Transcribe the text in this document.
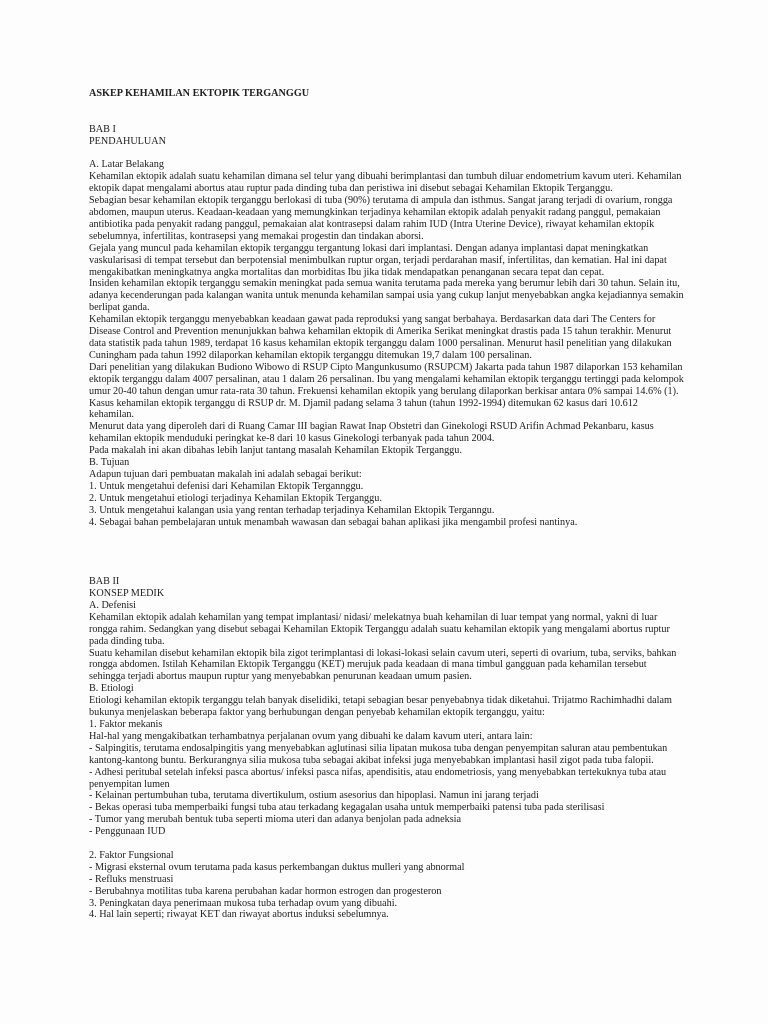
ASKEP KEHAMILAN EKTOPIK TERGANGGU

BAB I

PENDAHULUAN

A. Latar Belakang

Kehamilan ektopik adalah suatu kehamilan dimana sel telur yang dibuahi berimplantasi dan tumbuh diluar endometrium kavum uteri. Kehamilan ektopik dapat mengalami abortus atau ruptur pada dinding tuba dan peristiwa ini disebut sebagai Kehamilan Ektopik Terganggu.

Sebagian besar kehamilan ektopik terganggu berlokasi di tuba (90%) terutama di ampula dan isthmus. Sangat jarang terjadi di ovarium, rongga abdomen, maupun uterus. Keadaan-keadaan yang memungkinkan terjadinya kehamilan ektopik adalah penyakit radang panggul, pemakaian antibiotika pada penyakit radang panggul, pemakaian alat kontrasepsi dalam rahim IUD (Intra Uterine Device), riwayat kehamilan ektopik sebelumnya, infertilitas, kontrasepsi yang memakai progestin dan tindakan aborsi.

Gejala yang muncul pada kehamilan ektopik terganggu tergantung lokasi dari implantasi. Dengan adanya implantasi dapat meningkatkan vaskularisasi di tempat tersebut dan berpotensial menimbulkan ruptur organ, terjadi perdarahan masif, infertilitas, dan kematian. Hal ini dapat mengakibatkan meningkatnya angka mortalitas dan morbiditas Ibu jika tidak mendapatkan penanganan secara tepat dan cepat.

Insiden kehamilan ektopik terganggu semakin meningkat pada semua wanita terutama pada mereka yang berumur lebih dari 30 tahun. Selain itu, adanya kecenderungan pada kalangan wanita untuk menunda kehamilan sampai usia yang cukup lanjut menyebabkan angka kejadiannya semakin berlipat ganda.

Kehamilan ektopik terganggu menyebabkan keadaan gawat pada reproduksi yang sangat berbahaya. Berdasarkan data dari The Centers for Disease Control and Prevention menunjukkan bahwa kehamilan ektopik di Amerika Serikat meningkat drastis pada 15 tahun terakhir. Menurut data statistik pada tahun 1989, terdapat 16 kasus kehamilan ektopik terganggu dalam 1000 persalinan. Menurut hasil penelitian yang dilakukan Cuningham pada tahun 1992 dilaporkan kehamilan ektopik terganggu ditemukan 19,7 dalam 100 persalinan.

Dari penelitian yang dilakukan Budiono Wibowo di RSUP Cipto Mangunkusumo (RSUPCM) Jakarta pada tahun 1987 dilaporkan 153 kehamilan ektopik terganggu dalam 4007 persalinan, atau 1 dalam 26 persalinan. Ibu yang mengalami kehamilan ektopik terganggu tertinggi pada kelompok umur 20-40 tahun dengan umur rata-rata 30 tahun. Frekuensi kehamilan ektopik yang berulang dilaporkan berkisar antara 0% sampai 14.6% (1). Kasus kehamilan ektopik terganggu di RSUP dr. M. Djamil padang selama 3 tahun (tahun 1992-1994) ditemukan 62 kasus dari 10.612 kehamilan.

Menurut data yang diperoleh dari di Ruang Camar III bagian Rawat Inap Obstetri dan Ginekologi RSUD Arifin Achmad Pekanbaru, kasus kehamilan ektopik menduduki peringkat ke-8 dari 10 kasus Ginekologi terbanyak pada tahun 2004.

Pada makalah ini akan dibahas lebih lanjut tantang masalah Kehamilan Ektopik Terganggu.

B. Tujuan

Adapun tujuan dari pembuatan makalah ini adalah sebagai berikut:

1. Untuk mengetahui defenisi dari Kehamilan Ektopik Tergannggu.

2. Untuk mengetahui etiologi terjadinya Kehamilan Ektopik Terganggu.

3. Untuk mengetahui kalangan usia yang rentan terhadap terjadinya Kehamilan Ektopik Terganngu.

4. Sebagai bahan pembelajaran untuk menambah wawasan dan sebagai bahan aplikasi jika mengambil profesi nantinya.

BAB II

KONSEP MEDIK

A. Defenisi

Kehamilan ektopik adalah kehamilan yang tempat implantasi/ nidasi/ melekatnya buah kehamilan di luar tempat yang normal, yakni di luar rongga rahim. Sedangkan yang disebut sebagai Kehamilan Ektopik Terganggu adalah suatu kehamilan ektopik yang mengalami abortus ruptur pada dinding tuba.

Suatu kehamilan disebut kehamilan ektopik bila zigot terimplantasi di lokasi-lokasi selain cavum uteri, seperti di ovarium, tuba, serviks, bahkan rongga abdomen. Istilah Kehamilan Ektopik Terganggu (KET) merujuk pada keadaan di mana timbul gangguan pada kehamilan tersebut sehingga terjadi abortus maupun ruptur yang menyebabkan penurunan keadaan umum pasien.

B. Etiologi

Etiologi kehamilan ektopik terganggu telah banyak diselidiki, tetapi sebagian besar penyebabnya tidak diketahui. Trijatmo Rachimhadhi dalam bukunya menjelaskan beberapa faktor yang berhubungan dengan penyebab kehamilan ektopik terganggu, yaitu:

1. Faktor mekanis

Hal-hal yang mengakibatkan terhambatnya perjalanan ovum yang dibuahi ke dalam kavum uteri, antara lain:

- Salpingitis, terutama endosalpingitis yang menyebabkan aglutinasi silia lipatan mukosa tuba dengan penyempitan saluran atau pembentukan kantong-kantong buntu. Berkurangnya silia mukosa tuba sebagai akibat infeksi juga menyebabkan implantasi hasil zigot pada tuba falopii.

- Adhesi peritubal setelah infeksi pasca abortus/ infeksi pasca nifas, apendisitis, atau endometriosis, yang menyebabkan tertekuknya tuba atau penyempitan lumen

- Kelainan pertumbuhan tuba, terutama divertikulum, ostium asesorius dan hipoplasi. Namun ini jarang terjadi

- Bekas operasi tuba memperbaiki fungsi tuba atau terkadang kegagalan usaha untuk memperbaiki patensi tuba pada sterilisasi

- Tumor yang merubah bentuk tuba seperti mioma uteri dan adanya benjolan pada adneksia

- Penggunaan IUD

2. Faktor Fungsional

- Migrasi eksternal ovum terutama pada kasus perkembangan duktus mulleri yang abnormal

- Refluks menstruasi

- Berubahnya motilitas tuba karena perubahan kadar hormon estrogen dan progesteron

3. Peningkatan daya penerimaan mukosa tuba terhadap ovum yang dibuahi.

4. Hal lain seperti; riwayat KET dan riwayat abortus induksi sebelumnya.
